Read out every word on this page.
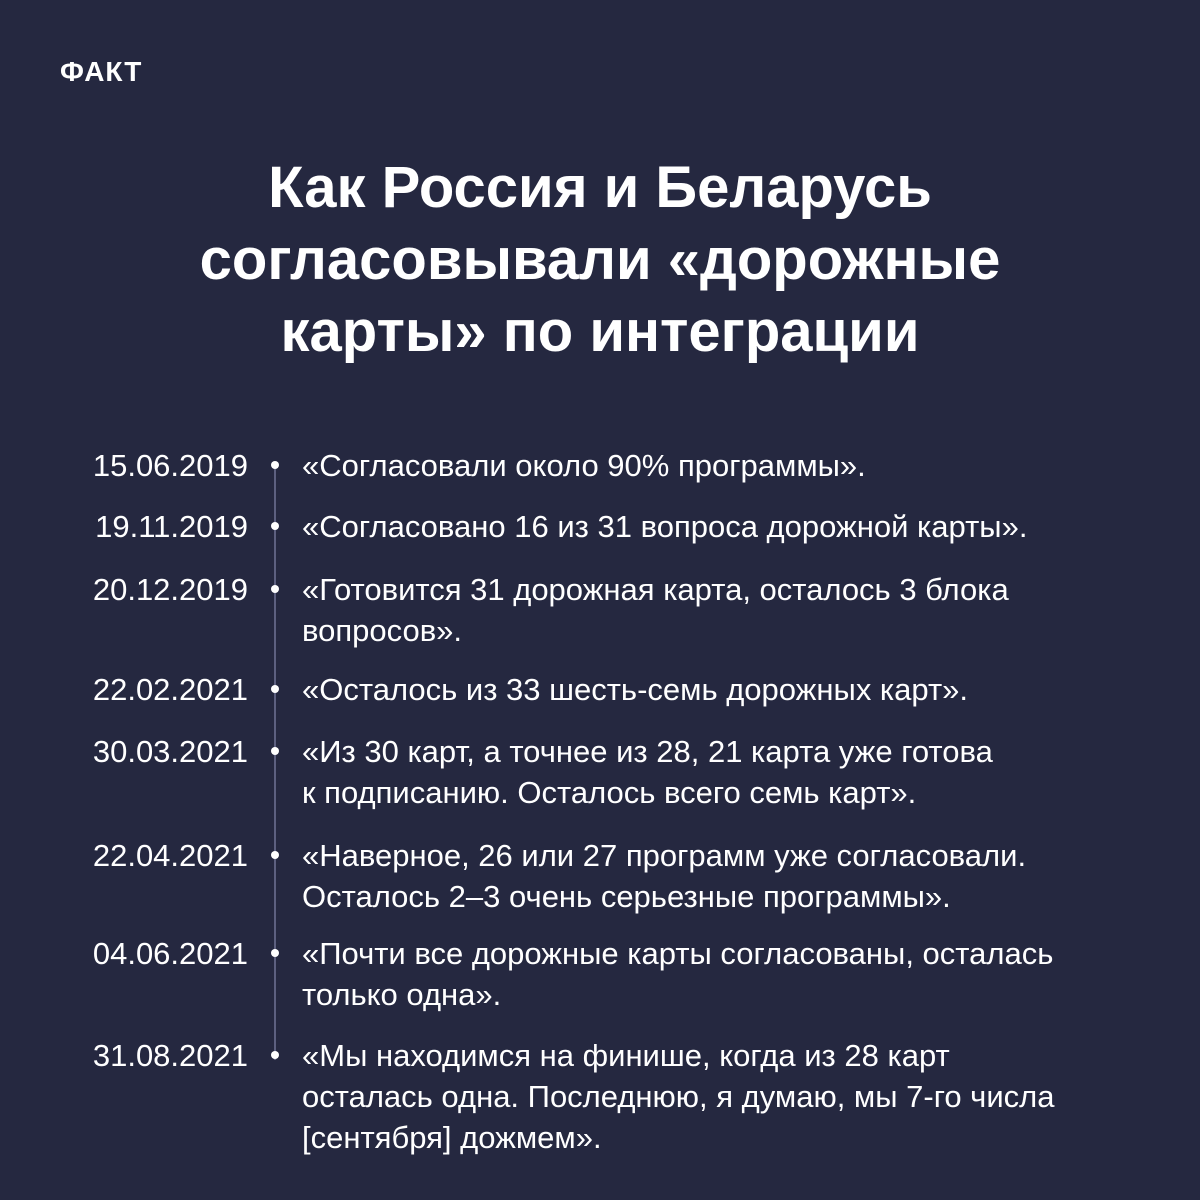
ФАКТ
Как Россия и Беларусь
согласовывали «дорожные
карты» по интеграции
15.06.2019 «Согласовали около 90% программы».
19.11.2019 «Согласовано 16 из 31 вопроса дорожной карты».
20.12.2019 «Готовится 31 дорожная карта, осталось 3 блока
вопросов».
22.02.2021 «Осталось из 33 шесть-семь дорожных карт».
30.03.2021 «Из 30 карт, а точнее из 28, 21 карта уже готова
к подписанию. Осталось всего семь карт».
22.04.2021 «Наверное, 26 или 27 программ уже согласовали.
Осталось 2–3 очень серьезные программы».
04.06.2021 «Почти все дорожные карты согласованы, осталась
только одна».
31.08.2021 «Мы находимся на финише, когда из 28 карт
осталась одна. Последнюю, я думаю, мы 7-го числа
[сентября] дожмем».
